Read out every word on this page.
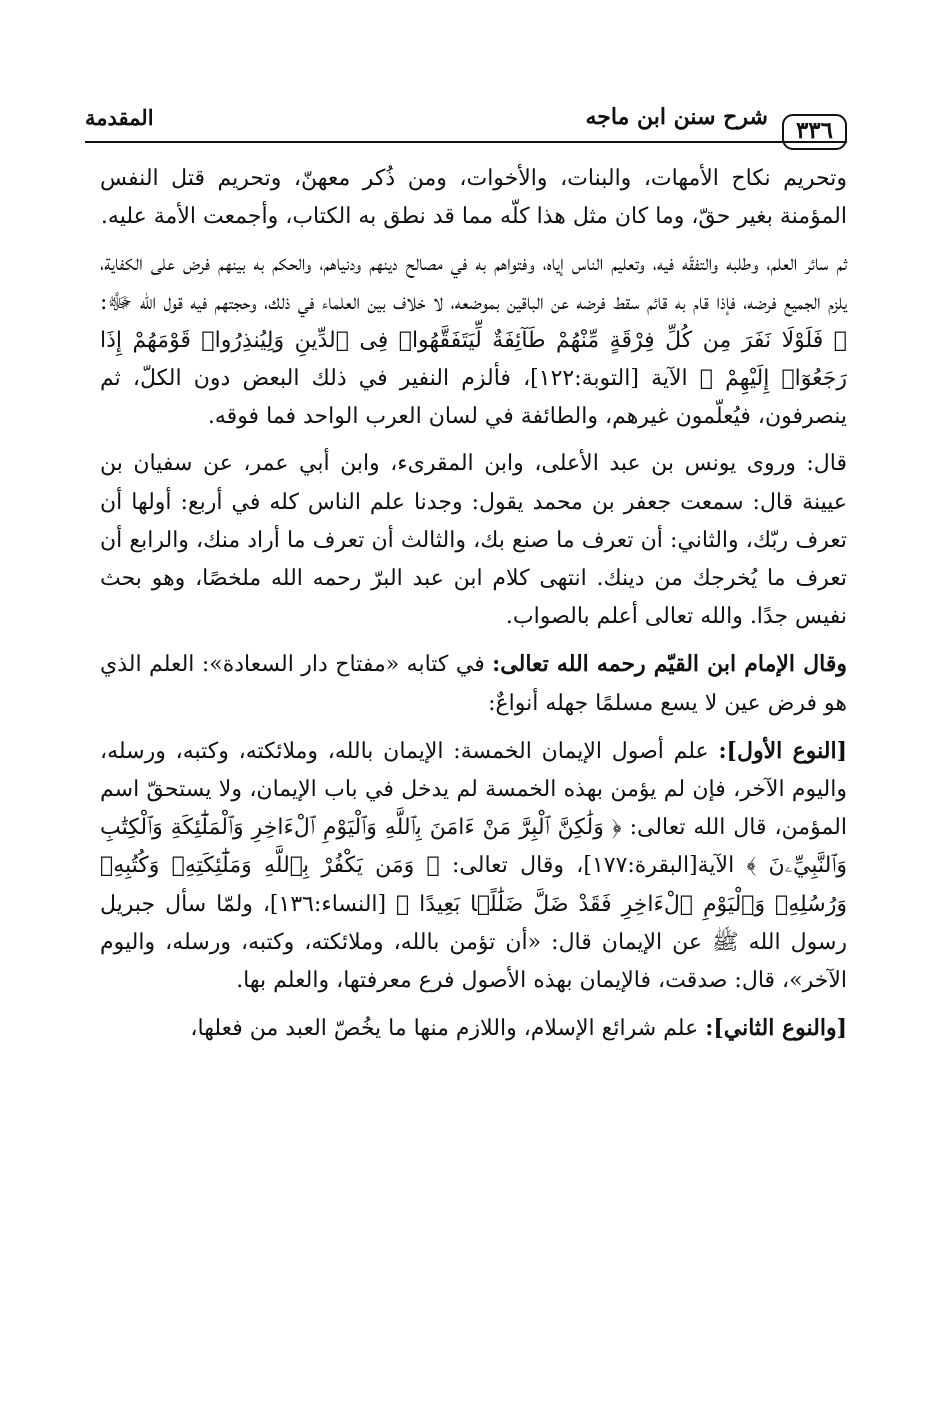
٣٣٦
شرح سنن ابن ماجه
المقدمة

وتحريم نكاح الأمهات، والبنات، والأخوات، ومن ذُكر معهنّ، وتحريم قتل النفس المؤمنة بغير حقّ، وما كان مثل هذا كلّه مما قد نطق به الكتاب، وأجمعت الأمة عليه.

ثم سائر العلم، وطلبه والتفقّه فيه، وتعليم الناس إياه، وفتواهم به في مصالح دينهم ودنياهم، والحكم به بينهم فرض على الكفاية، يلزم الجميع فرضه، فإذا قام به قائم سقط فرضه عن الباقين بموضعه، لا خلاف بين العلماء في ذلك، وحجتهم فيه قول الله ﷻ: ﴿ فَلَوْلَا نَفَرَ مِن كُلِّ فِرْقَةٍ مِّنْهُمْ طَآئِفَةٌ لِّيَتَفَقَّهُوا۟ فِى ٱلدِّينِ وَلِيُنذِرُوا۟ قَوْمَهُمْ إِذَا رَجَعُوٓا۟ إِلَيْهِمْ ﴾ الآية [التوبة:١٢٢]، فألزم النفير في ذلك البعض دون الكلّ، ثم ينصرفون، فيُعلّمون غيرهم، والطائفة في لسان العرب الواحد فما فوقه.

قال: وروى يونس بن عبد الأعلى، وابن المقرىء، وابن أبي عمر، عن سفيان بن عيينة قال: سمعت جعفر بن محمد يقول: وجدنا علم الناس كله في أربع: أولها أن تعرف ربّك، والثاني: أن تعرف ما صنع بك، والثالث أن تعرف ما أراد منك، والرابع أن تعرف ما يُخرجك من دينك. انتهى كلام ابن عبد البرّ رحمه الله ملخصًا، وهو بحث نفيس جدًا. والله تعالى أعلم بالصواب.

وقال الإمام ابن القيّم رحمه الله تعالى: في كتابه «مفتاح دار السعادة»: العلم الذي هو فرض عين لا يسع مسلمًا جهله أنواعٌ:

[النوع الأول]: علم أصول الإيمان الخمسة: الإيمان بالله، وملائكته، وكتبه، ورسله، واليوم الآخر، فإن لم يؤمن بهذه الخمسة لم يدخل في باب الإيمان، ولا يستحقّ اسم المؤمن، قال الله تعالى: ﴿ وَلَٰكِنَّ ٱلْبِرَّ مَنْ ءَامَنَ بِٱللَّهِ وَٱلْيَوْمِ ٱلْءَاخِرِ وَٱلْمَلَٰٓئِكَةِ وَٱلْكِتَٰبِ وَٱلنَّبِيِّۦنَ ﴾ الآية[البقرة:١٧٧]، وقال تعالى: ﴿ وَمَن يَكْفُرْ بِٱللَّهِ وَمَلَٰٓئِكَتِهِۦ وَكُتُبِهِۦ وَرُسُلِهِۦ وَٱلْيَوْمِ ٱلْءَاخِرِ فَقَدْ ضَلَّ ضَلَٰلًۢا بَعِيدًا ﴾ [النساء:١٣٦]، ولمّا سأل جبريل رسول الله ﷺ عن الإيمان قال: «أن تؤمن بالله، وملائكته، وكتبه، ورسله، واليوم الآخر»، قال: صدقت، فالإيمان بهذه الأصول فرع معرفتها، والعلم بها.

[والنوع الثاني]: علم شرائع الإسلام، واللازم منها ما يخُصّ العبد من فعلها،
